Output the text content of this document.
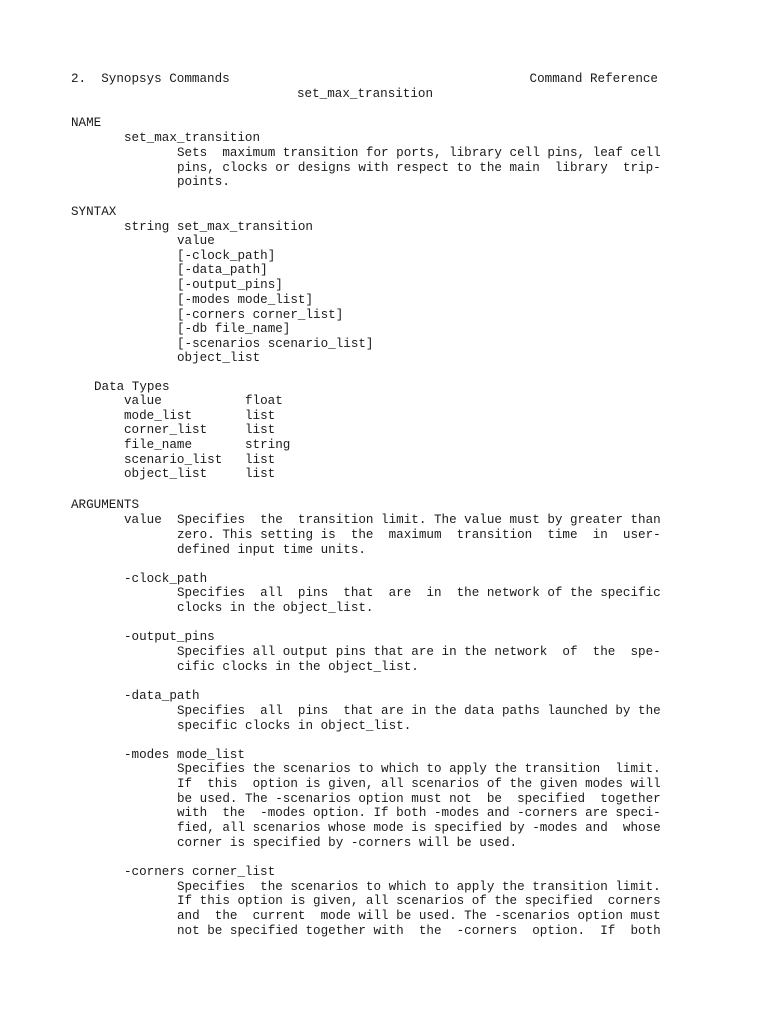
2.  Synopsys Commands	Command Reference
set_max_transition
NAME
set_max_transition
Sets  maximum transition for ports, library cell pins, leaf cell
pins, clocks or designs with respect to the main  library  trip-
points.
SYNTAX
string set_max_transition
value
[-clock_path]
[-data_path]
[-output_pins]
[-modes mode_list]
[-corners corner_list]
[-db file_name]
[-scenarios scenario_list]
object_list
Data Types
value	float
mode_list	list
corner_list	list
file_name	string
scenario_list	list
object_list	list
ARGUMENTS
value Specifies  the  transition limit. The value must by greater than
zero. This setting is  the  maximum  transition  time  in  user-
defined input time units.
-clock_path
Specifies  all  pins  that  are  in  the network of the specific
clocks in the object_list.
-output_pins
Specifies all output pins that are in the network  of  the  spe-
cific clocks in the object_list.
-data_path
Specifies  all  pins  that are in the data paths launched by the
specific clocks in object_list.
-modes mode_list
Specifies the scenarios to which to apply the transition  limit.
If  this  option is given, all scenarios of the given modes will
be used. The -scenarios option must not  be  specified  together
with  the  -modes option. If both -modes and -corners are speci-
fied, all scenarios whose mode is specified by -modes and  whose
corner is specified by -corners will be used.
-corners corner_list
Specifies  the scenarios to which to apply the transition limit.
If this option is given, all scenarios of the specified  corners
and  the  current  mode will be used. The -scenarios option must
not be specified together with  the  -corners  option.  If  both
